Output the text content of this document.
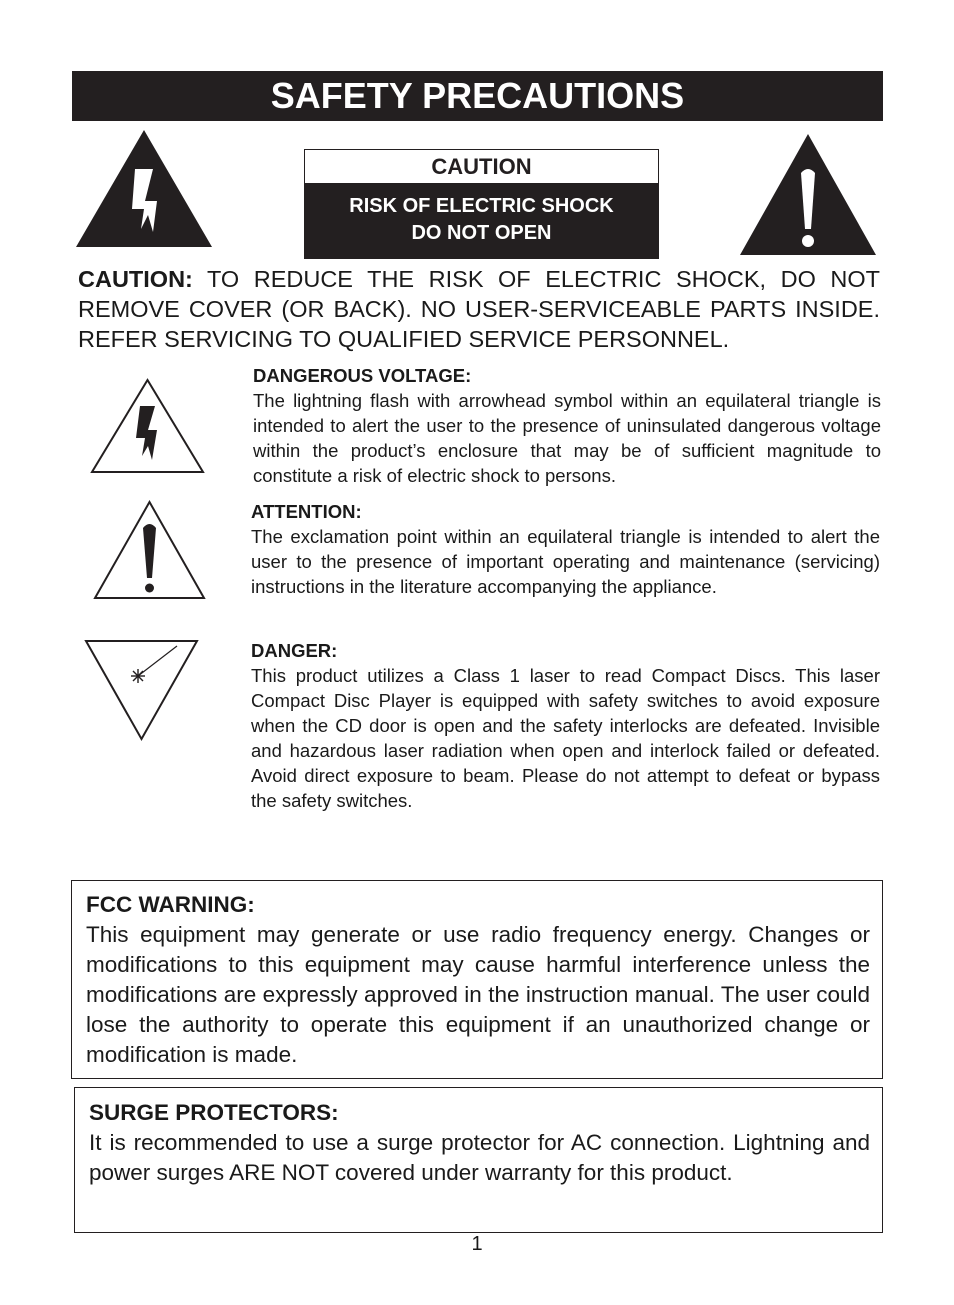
SAFETY PRECAUTIONS
CAUTION
RISK OF ELECTRIC SHOCK
DO NOT OPEN
CAUTION: TO REDUCE THE RISK OF ELECTRIC SHOCK, DO NOT REMOVE COVER (OR BACK). NO USER-SERVICEABLE PARTS INSIDE. REFER SERVICING TO QUALIFIED SERVICE PERSONNEL.
DANGEROUS VOLTAGE:
The lightning flash with arrowhead symbol within an equilateral triangle is intended to alert the user to the presence of uninsulated dangerous voltage within the product’s enclosure that may be of sufficient magnitude to constitute a risk of electric shock to persons.
ATTENTION:
The exclamation point within an equilateral triangle is intended to alert the user to the presence of important operating and maintenance (servicing) instructions in the literature accompanying the appliance.
DANGER:
This product utilizes a Class 1 laser to read Compact Discs. This laser Compact Disc Player is equipped with safety switches to avoid exposure when the CD door is open and the safety interlocks are defeated. Invisible and hazardous laser radiation when open and interlock failed or defeated. Avoid direct exposure to beam. Please do not attempt to defeat or bypass the safety switches.
FCC WARNING:
This equipment may generate or use radio frequency energy. Changes or modifications to this equipment may cause harmful interference unless the modifications are expressly approved in the instruction manual. The user could lose the authority to operate this equipment if an unauthorized change or modification is made.
SURGE PROTECTORS:
It is recommended to use a surge protector for AC connection. Lightning and power surges ARE NOT covered under warranty for this product.
1
